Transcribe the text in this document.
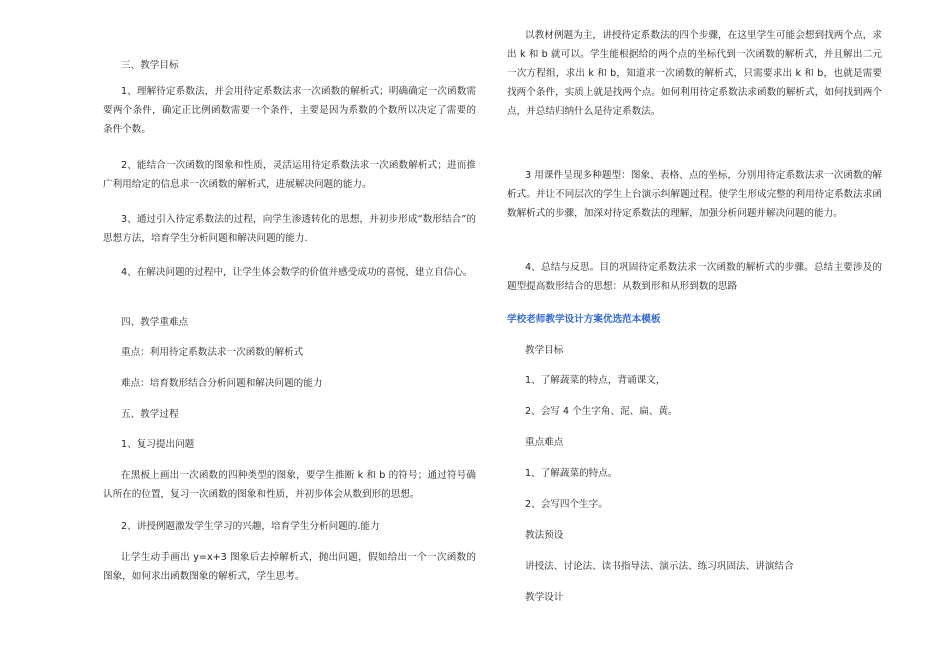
三、教学目标

1、理解待定系数法，并会用待定系数法求一次函数的解析式；明确确定一次函数需要两个条件，确定正比例函数需要一个条件，主要是因为系数的个数所以决定了需要的条件个数。

2、能结合一次函数的图象和性质，灵活运用待定系数法求一次函数解析式；进而推广利用给定的信息求一次函数的解析式，进展解决问题的能力。

3、通过引入待定系数法的过程，向学生渗透转化的思想，并初步形成“数形结合”的思想方法，培育学生分析问题和解决问题的能力.

4、在解决问题的过程中，让学生体会数学的价值并感受成功的喜悦，建立自信心。

四、教学重难点

重点：利用待定系数法求一次函数的解析式

难点：培育数形结合分析问题和解决问题的能力

五、教学过程

1、复习提出问题

在黑板上画出一次函数的四种类型的图象，要学生推断 k 和 b 的符号；通过符号确认所在的位置，复习一次函数的图象和性质，并初步体会从数到形的思想。

2、讲授例题激发学生学习的兴趣，培育学生分析问题的.能力

让学生动手画出 y=x+3 图象后去掉解析式，抛出问题，假如给出一个一次函数的图象，如何求出函数图象的解析式，学生思考。

以教材例题为主，讲授待定系数法的四个步骤，在这里学生可能会想到找两个点，求出 k 和 b 就可以。学生能根据给的两个点的坐标代到一次函数的解析式，并且解出二元一次方程组，求出 k 和 b，知道求一次函数的解析式，只需要求出 k 和 b，也就是需要找两个条件，实质上就是找两个点。如何利用待定系数法求函数的解析式，如何找到两个点，并总结归纳什么是待定系数法。

3 用课件呈现多种题型：图象、表格、点的坐标，分别用待定系数法求一次函数的解析式。并让不同层次的学生上台演示纠解题过程。使学生形成完整的利用待定系数法求函数解析式的步骤，加深对待定系数法的理解，加强分析问题并解决问题的能力。

4、总结与反思。目的巩固待定系数法求一次函数的解析式的步骤。总结主要涉及的题型提高数形结合的思想：从数到形和从形到数的思路

学校老师教学设计方案优选范本模板

教学目标

1、了解蔬菜的特点，背诵课文，

2、会写 4 个生字角、泥、扁、黄。

重点难点

1、了解蔬菜的特点。

2、会写四个生字。

教法预设

讲授法、讨论法、读书指导法、演示法、练习巩固法、讲演结合

教学设计
